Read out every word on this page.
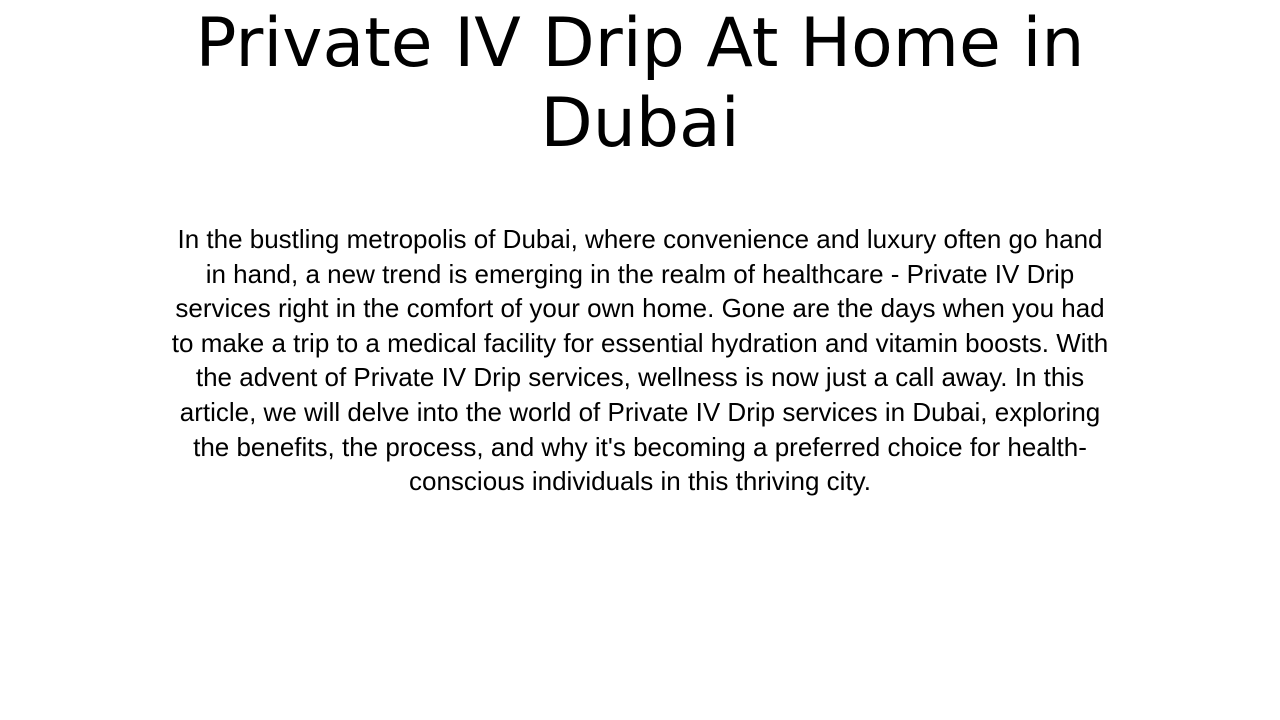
Private IV Drip At Home in Dubai

In the bustling metropolis of Dubai, where convenience and luxury often go hand in hand, a new trend is emerging in the realm of healthcare - Private IV Drip services right in the comfort of your own home. Gone are the days when you had to make a trip to a medical facility for essential hydration and vitamin boosts. With the advent of Private IV Drip services, wellness is now just a call away. In this article, we will delve into the world of Private IV Drip services in Dubai, exploring the benefits, the process, and why it's becoming a preferred choice for health-conscious individuals in this thriving city.
